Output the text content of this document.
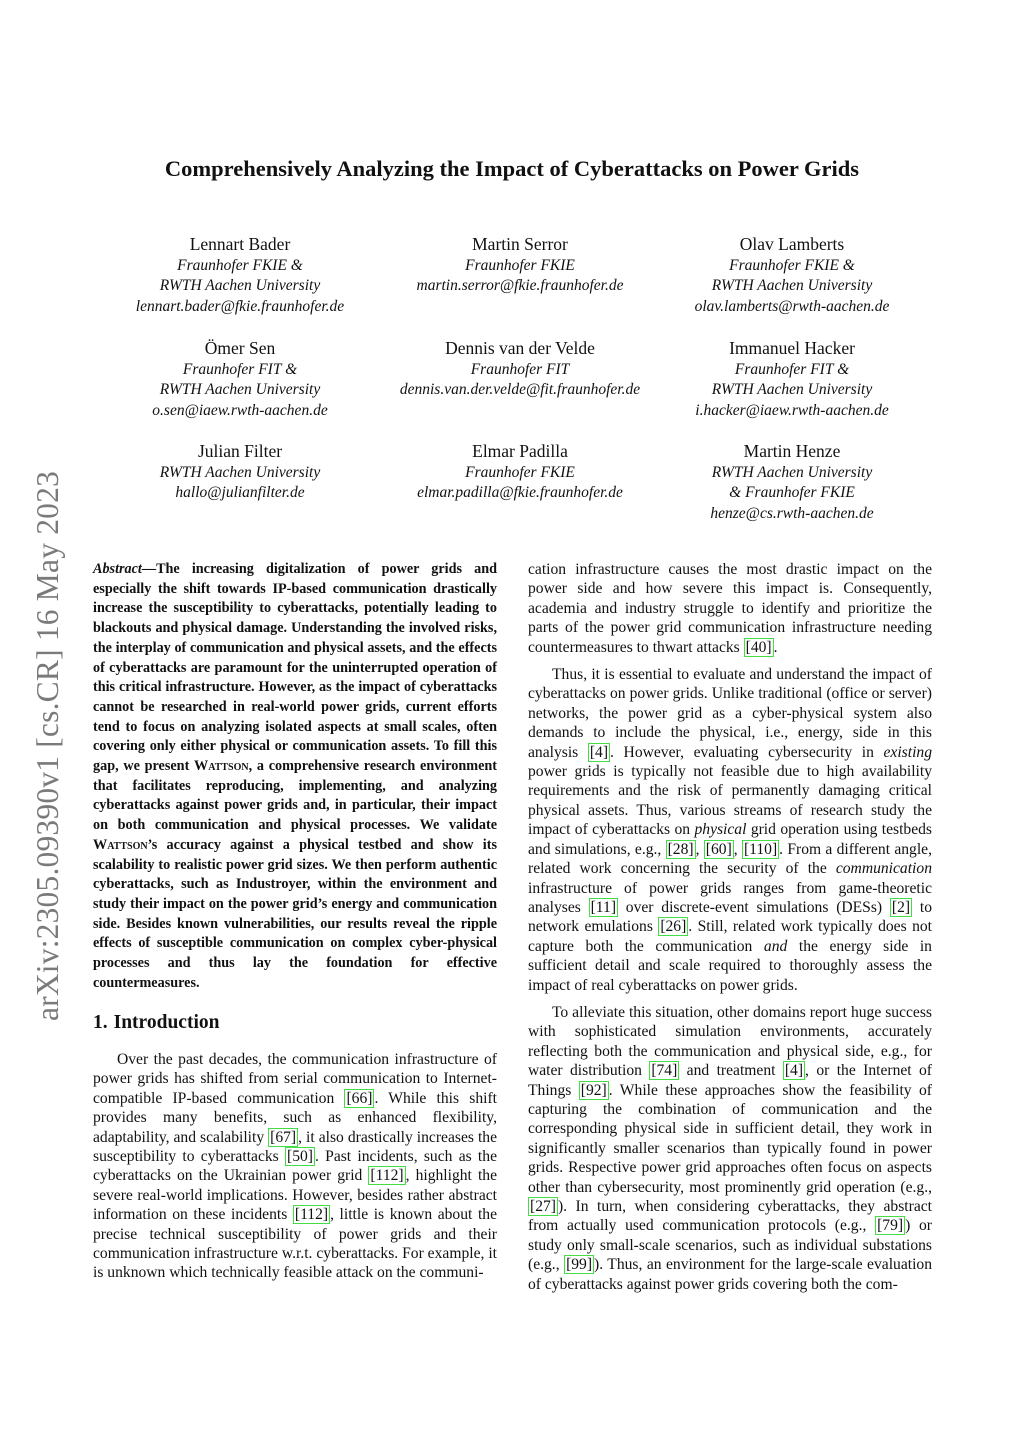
arXiv:2305.09390v1 [cs.CR] 16 May 2023
Comprehensively Analyzing the Impact of Cyberattacks on Power Grids
Lennart Bader
Fraunhofer FKIE &
RWTH Aachen University
lennart.bader@fkie.fraunhofer.de
Martin Serror
Fraunhofer FKIE
martin.serror@fkie.fraunhofer.de
Olav Lamberts
Fraunhofer FKIE &
RWTH Aachen University
olav.lamberts@rwth-aachen.de
Ömer Sen
Fraunhofer FIT &
RWTH Aachen University
o.sen@iaew.rwth-aachen.de
Dennis van der Velde
Fraunhofer FIT
dennis.van.der.velde@fit.fraunhofer.de
Immanuel Hacker
Fraunhofer FIT &
RWTH Aachen University
i.hacker@iaew.rwth-aachen.de
Julian Filter
RWTH Aachen University
hallo@julianfilter.de
Elmar Padilla
Fraunhofer FKIE
elmar.padilla@fkie.fraunhofer.de
Martin Henze
RWTH Aachen University
& Fraunhofer FKIE
henze@cs.rwth-aachen.de

Abstract—The increasing digitalization of power grids and especially the shift towards IP-based communication drastically increase the susceptibility to cyberattacks, potentially leading to blackouts and physical damage. Understanding the involved risks, the interplay of communication and physical assets, and the effects of cyberattacks are paramount for the uninterrupted operation of this critical infrastructure. However, as the impact of cyberattacks cannot be researched in real-world power grids, current efforts tend to focus on analyzing isolated aspects at small scales, often covering only either physical or communication assets. To fill this gap, we present Wattson, a comprehensive research environment that facilitates reproducing, implementing, and analyzing cyberattacks against power grids and, in particular, their impact on both communication and physical processes. We validate Wattson’s accuracy against a physical testbed and show its scalability to realistic power grid sizes. We then perform authentic cyberattacks, such as Industroyer, within the environment and study their impact on the power grid’s energy and communication side. Besides known vulnerabilities, our results reveal the ripple effects of susceptible communication on complex cyber-physical processes and thus lay the foundation for effective countermeasures.

1. Introduction

Over the past decades, the communication infrastructure of power grids has shifted from serial communication to Internet-compatible IP-based communication [66] . While this shift provides many benefits, such as enhanced flexibility, adaptability, and scalability [67] , it also drastically increases the susceptibility to cyberattacks [50] . Past incidents, such as the cyberattacks on the Ukrainian power grid [112] , highlight the severe real-world implications. However, besides rather abstract information on these incidents [112] , little is known about the precise technical susceptibility of power grids and their communication infrastructure w.r.t. cyberattacks. For example, it is unknown which technically feasible attack on the communi-

cation infrastructure causes the most drastic impact on the power side and how severe this impact is. Consequently, academia and industry struggle to identify and prioritize the parts of the power grid communication infrastructure needing countermeasures to thwart attacks [40] .

Thus, it is essential to evaluate and understand the impact of cyberattacks on power grids. Unlike traditional (office or server) networks, the power grid as a cyber-physical system also demands to include the physical, i.e., energy, side in this analysis [4] . However, evaluating cybersecurity in existing power grids is typically not feasible due to high availability requirements and the risk of permanently damaging critical physical assets. Thus, various streams of research study the impact of cyberattacks on physical grid operation using testbeds and simulations, e.g., [28] , [60] , [110] . From a different angle, related work concerning the security of the communication infrastructure of power grids ranges from game-theoretic analyses [11] over discrete-event simulations (DESs) [2] to network emulations [26] . Still, related work typically does not capture both the communication and the energy side in sufficient detail and scale required to thoroughly assess the impact of real cyberattacks on power grids.

To alleviate this situation, other domains report huge success with sophisticated simulation environments, accurately reflecting both the communication and physical side, e.g., for water distribution [74] and treatment [4] , or the Internet of Things [92] . While these approaches show the feasibility of capturing the combination of communication and the corresponding physical side in sufficient detail, they work in significantly smaller scenarios than typically found in power grids. Respective power grid approaches often focus on aspects other than cybersecurity, most prominently grid operation (e.g., [27] ). In turn, when considering cyberattacks, they abstract from actually used communication protocols (e.g., [79] ) or study only small-scale scenarios, such as individual substations (e.g., [99] ). Thus, an environment for the large-scale evaluation of cyberattacks against power grids covering both the com-
